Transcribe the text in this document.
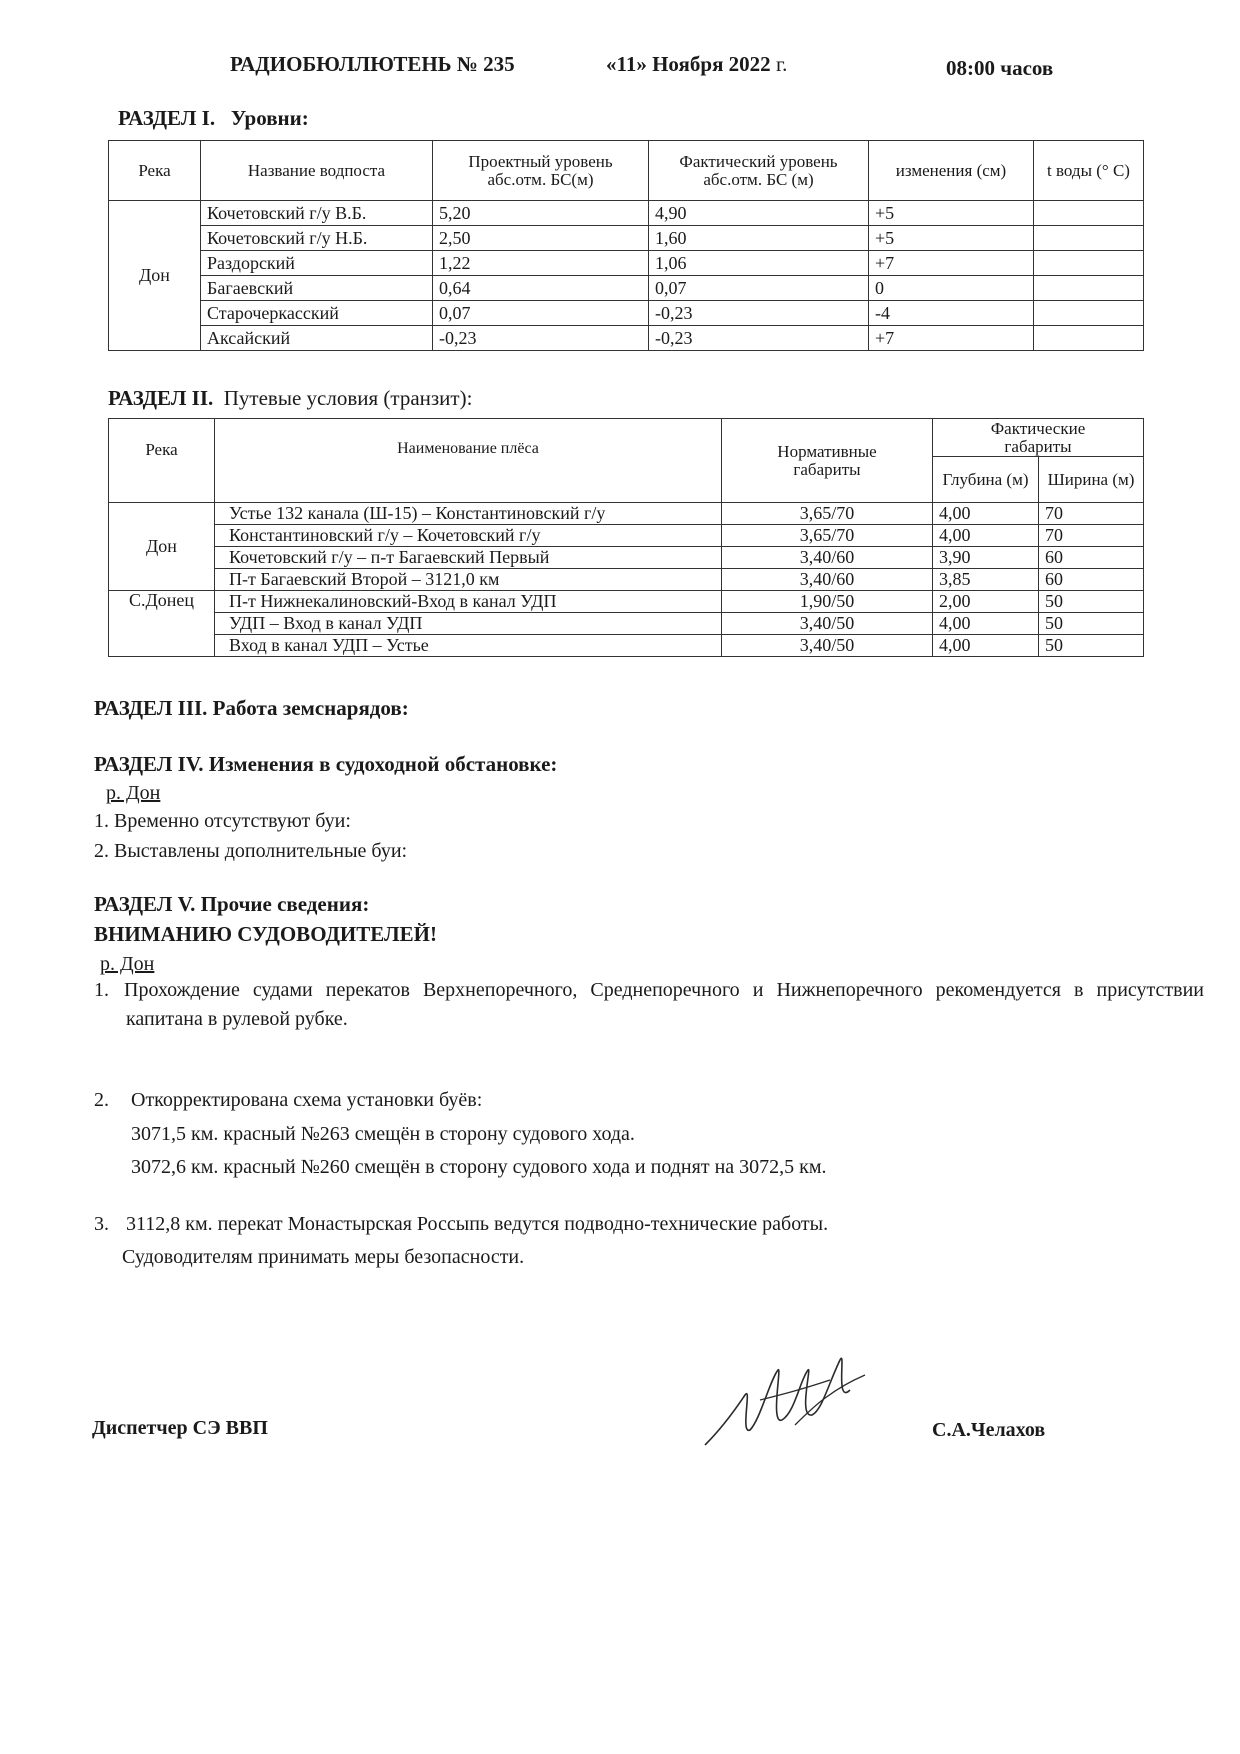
РАДИОБЮЛЛЮТЕНЬ № 235	«11» Ноября 2022 г.	08:00 часов
РАЗДЕЛ I. Уровни:
Река	Название водпоста	Проектный уровень абс.отм. БС(м)	Фактический уровень абс.отм. БС (м)	изменения (см)	t воды (° С)
Дон	Кочетовский г/у В.Б.	5,20	4,90	+5	
	Кочетовский г/у Н.Б.	2,50	1,60	+5	
	Раздорский	1,22	1,06	+7	
	Багаевский	0,64	0,07	0	
	Старочеркасский	0,07	-0,23	-4	
	Аксайский	-0,23	-0,23	+7	
РАЗДЕЛ II. Путевые условия (транзит):
Река	Наименование плёса	Нормативные габариты	Фактические габариты	
			Глубина (м)	Ширина (м)
Дон	Устье 132 канала (Ш-15) – Константиновский г/у	3,65/70	4,00	70
	Константиновский г/у – Кочетовский г/у	3,65/70	4,00	70
	Кочетовский г/у – п-т Багаевский Первый	3,40/60	3,90	60
	П-т Багаевский Второй – 3121,0 км	3,40/60	3,85	60
С.Донец	П-т Нижнекалиновский-Вход в канал УДП	1,90/50	2,00	50
	УДП – Вход в канал УДП	3,40/50	4,00	50
	Вход в канал УДП – Устье	3,40/50	4,00	50
РАЗДЕЛ III. Работа земснарядов:
РАЗДЕЛ IV. Изменения в судоходной обстановке:
р. Дон
1. Временно отсутствуют буи:
2. Выставлены дополнительные буи:
РАЗДЕЛ V. Прочие сведения:
ВНИМАНИЮ СУДОВОДИТЕЛЕЙ!
р. Дон
1. Прохождение судами перекатов Верхнепоречного, Среднепоречного и Нижнепоречного рекомендуется в присутствии капитана в рулевой рубке.
2. Откорректирована схема установки буёв:
3071,5 км. красный №263 смещён в сторону судового хода.
3072,6 км. красный №260 смещён в сторону судового хода и поднят на 3072,5 км.
3. 3112,8 км. перекат Монастырская Россыпь ведутся подводно-технические работы.
Судоводителям принимать меры безопасности.
Диспетчер СЭ ВВП	С.А.Челахов
